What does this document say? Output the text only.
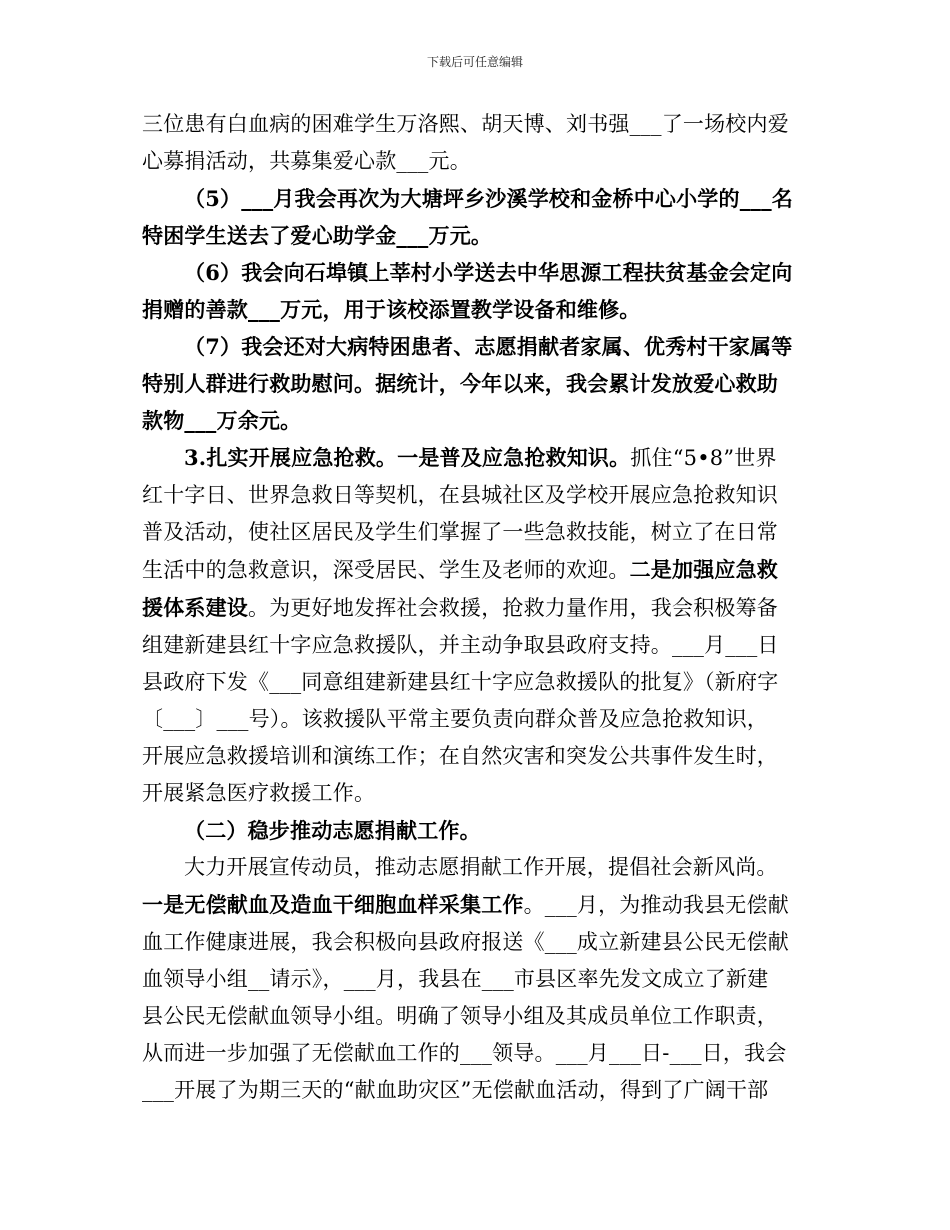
下载后可任意编辑

三位患有白血病的困难学生万洛熙、胡天博、刘书强___了一场校内爱

心募捐活动，共募集爱心款___元。

（5）___月我会再次为大塘坪乡沙溪学校和金桥中心小学的___名

特困学生送去了爱心助学金___万元。

（6）我会向石埠镇上莘村小学送去中华思源工程扶贫基金会定向

捐赠的善款___万元，用于该校添置教学设备和维修。

（7）我会还对大病特困患者、志愿捐献者家属、优秀村干家属等

特别人群进行救助慰问。据统计，今年以来，我会累计发放爱心救助

款物___万余元。

3.扎实开展应急抢救。一是普及应急抢救知识。抓住“5•8”世界

红十字日、世界急救日等契机，在县城社区及学校开展应急抢救知识

普及活动，使社区居民及学生们掌握了一些急救技能，树立了在日常

生活中的急救意识，深受居民、学生及老师的欢迎。二是加强应急救

援体系建设。为更好地发挥社会救援，抢救力量作用，我会积极筹备

组建新建县红十字应急救援队，并主动争取县政府支持。___月___日

县政府下发《___同意组建新建县红十字应急救援队的批复》（新府字

〔___〕___号）。该救援队平常主要负责向群众普及应急抢救知识，

开展应急救援培训和演练工作；在自然灾害和突发公共事件发生时，

开展紧急医疗救援工作。

（二）稳步推动志愿捐献工作。

大力开展宣传动员，推动志愿捐献工作开展，提倡社会新风尚。

一是无偿献血及造血干细胞血样采集工作。___月，为推动我县无偿献

血工作健康进展，我会积极向县政府报送《___成立新建县公民无偿献

血领导小组__请示》，___月，我县在___市县区率先发文成立了新建

县公民无偿献血领导小组。明确了领导小组及其成员单位工作职责，

从而进一步加强了无偿献血工作的___领导。___月___日-___日，我会

___开展了为期三天的“献血助灾区”无偿献血活动，得到了广阔干部
